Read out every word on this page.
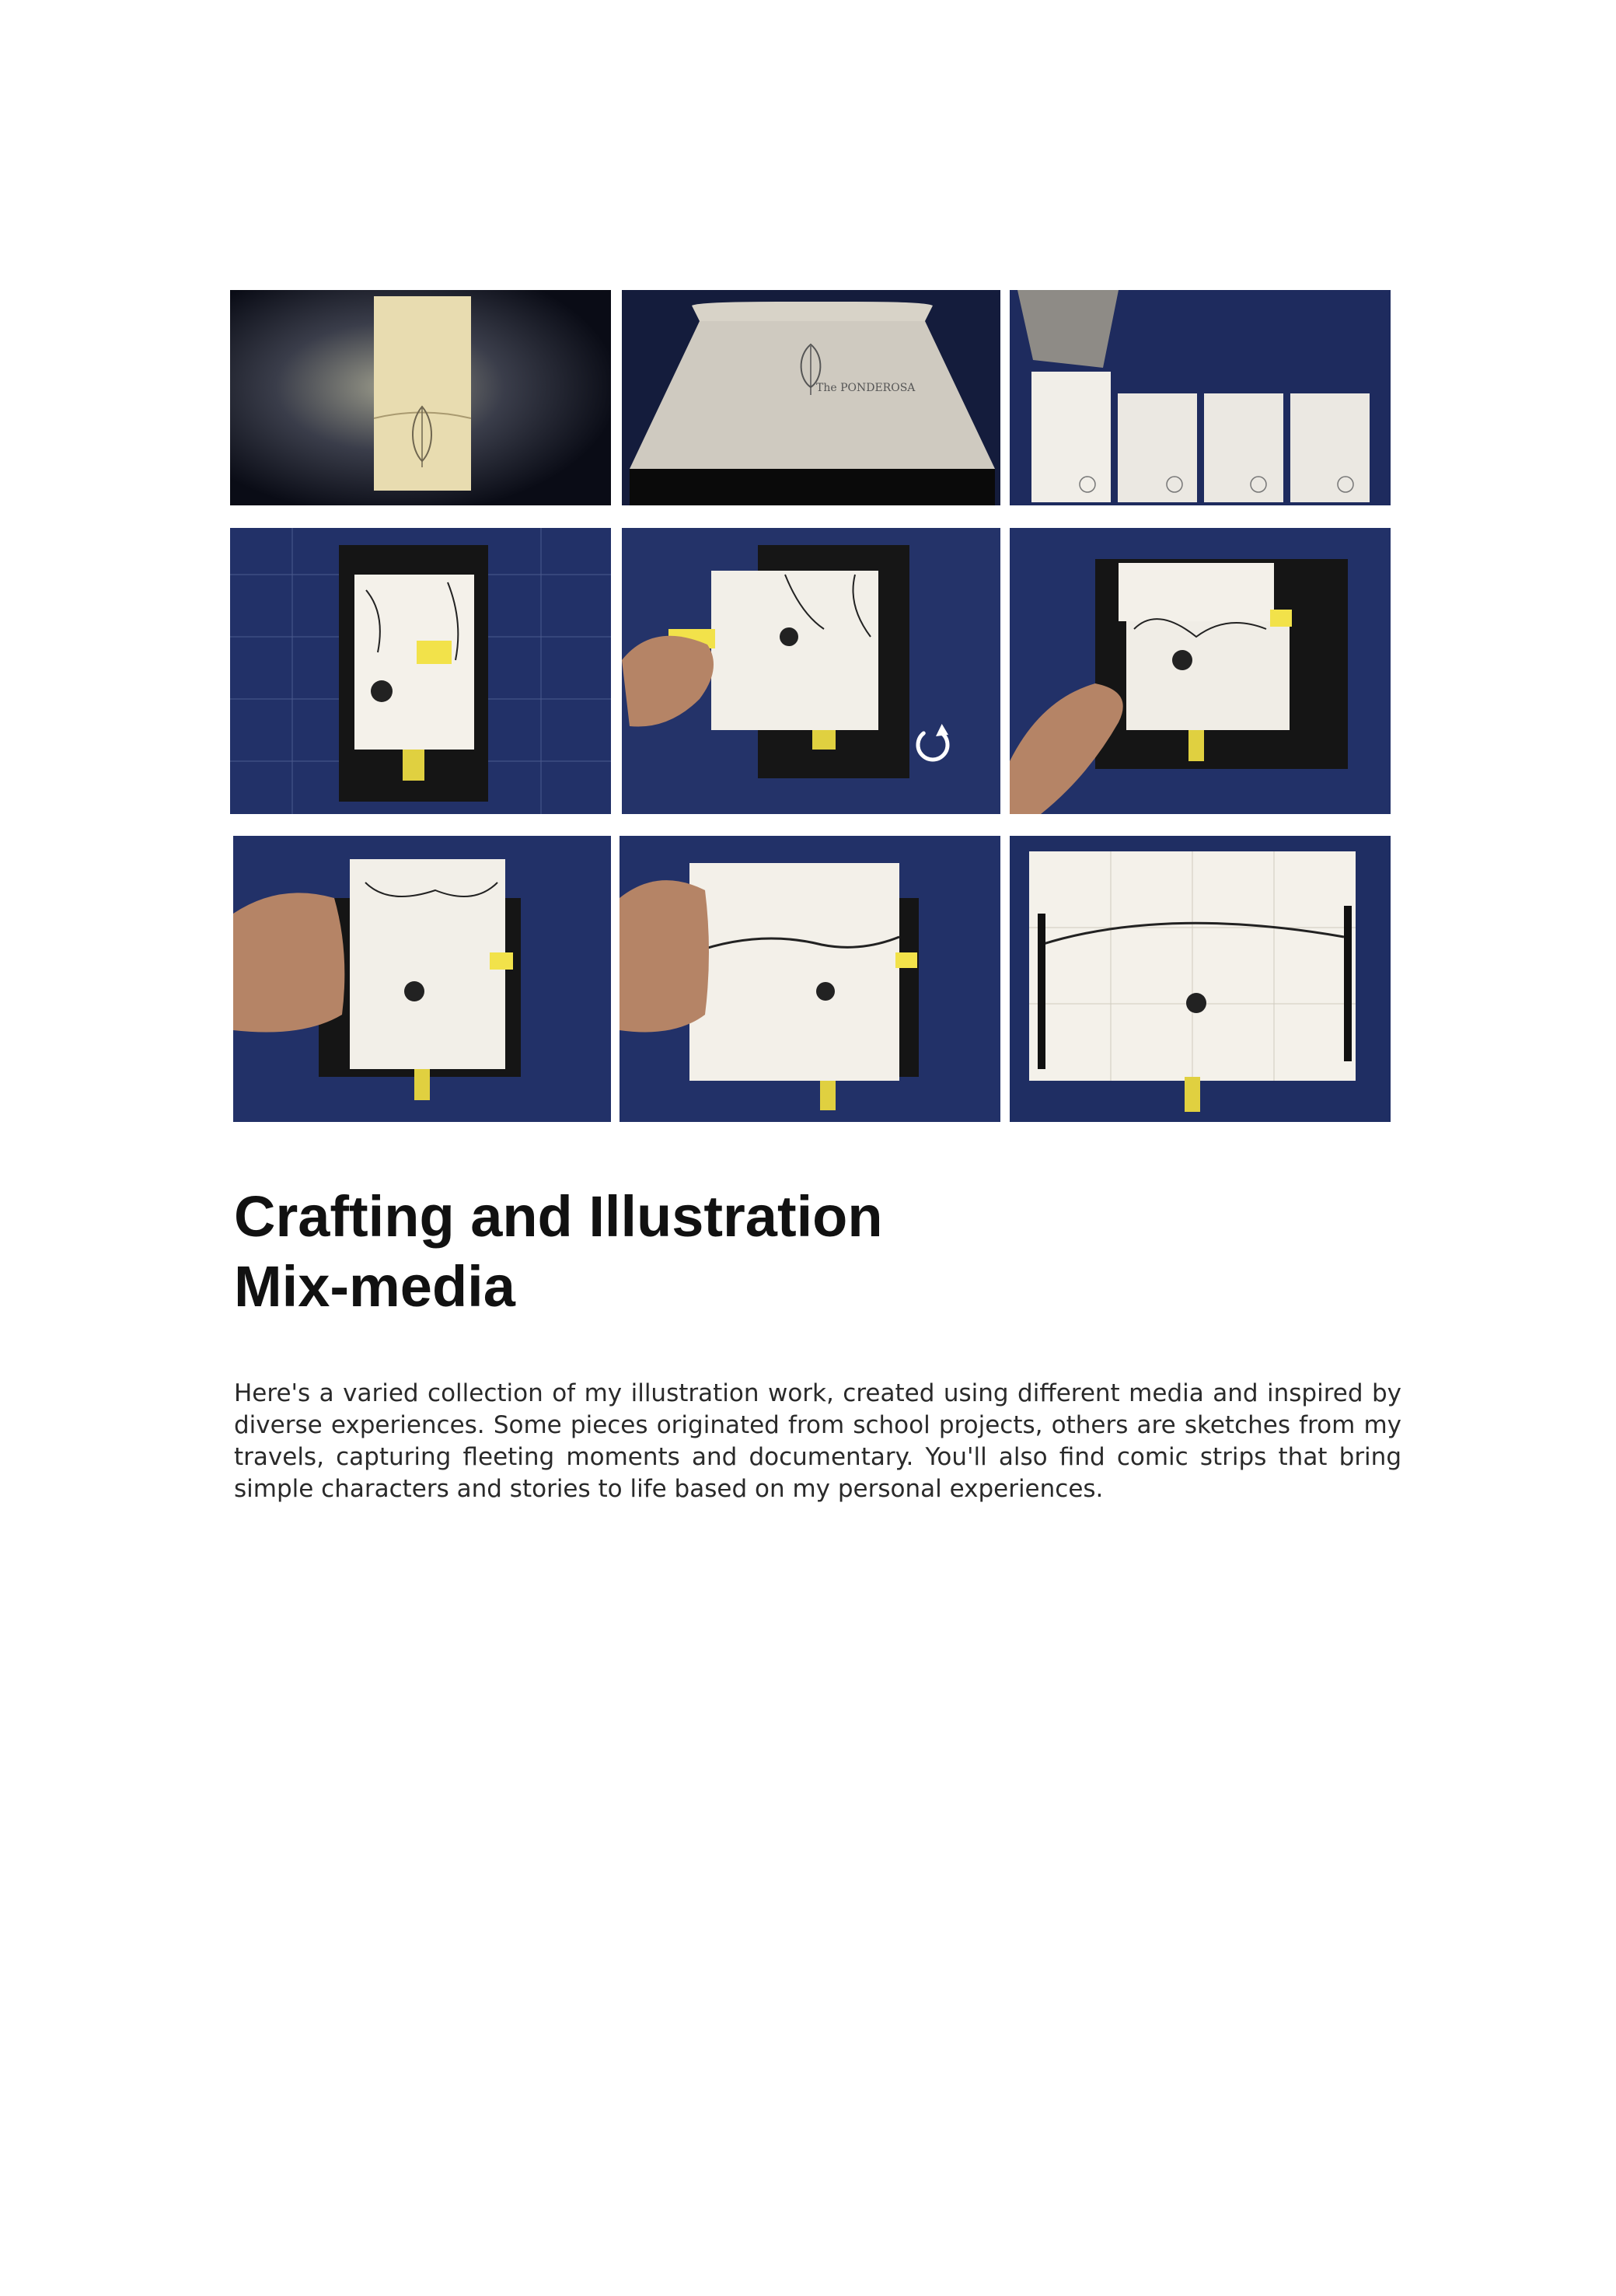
The PONDEROSA
Crafting and Illustration
Mix-media

Here's a varied collection of my illustration work, created using different media and inspired by diverse experiences. Some pieces originated from school projects, others are sketches from my travels, capturing fleeting moments and documentary. You'll also find comic strips that bring simple characters and stories to life based on my personal experiences.
